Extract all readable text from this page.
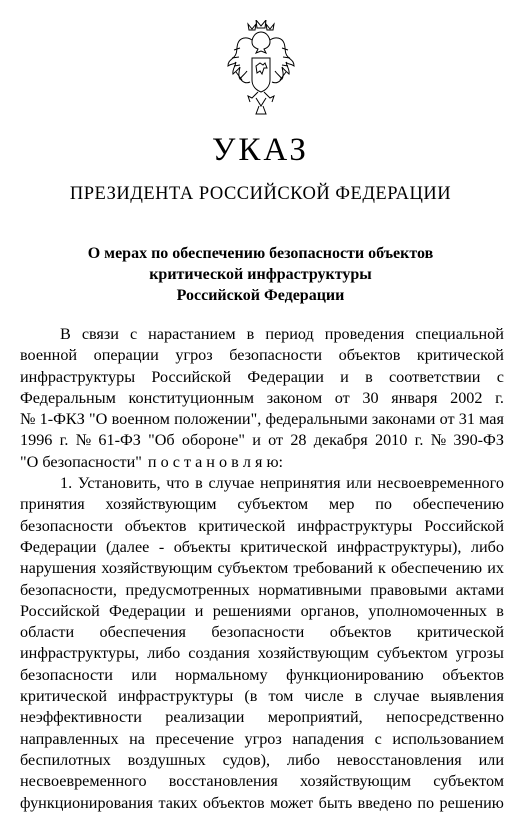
УКАЗ
ПРЕЗИДЕНТА РОССИЙСКОЙ ФЕДЕРАЦИИ
О мерах по обеспечению безопасности объектов
критической инфраструктуры
Российской Федерации
В связи с нарастанием в период проведения специальной
военной операции угроз безопасности объектов критической
инфраструктуры Российской Федерации и в соответствии с
Федеральным конституционным законом от 30 января 2002 г.
№ 1-ФКЗ "О военном положении", федеральными законами от 31 мая
1996 г. № 61-ФЗ "Об обороне" и от 28 декабря 2010 г. № 390-ФЗ
"О безопасности" п о с т а н о в л я ю:
1. Установить, что в случае непринятия или несвоевременного
принятия хозяйствующим субъектом мер по обеспечению
безопасности объектов критической инфраструктуры Российской
Федерации (далее - объекты критической инфраструктуры), либо
нарушения хозяйствующим субъектом требований к обеспечению их
безопасности, предусмотренных нормативными правовыми актами
Российской Федерации и решениями органов, уполномоченных в
области обеспечения безопасности объектов критической
инфраструктуры, либо создания хозяйствующим субъектом угрозы
безопасности или нормальному функционированию объектов
критической инфраструктуры (в том числе в случае выявления
неэффективности реализации мероприятий, непосредственно
направленных на пресечение угроз нападения с использованием
беспилотных воздушных судов), либо невосстановления или
несвоевременного восстановления хозяйствующим субъектом
функционирования таких объектов может быть введено по решению
